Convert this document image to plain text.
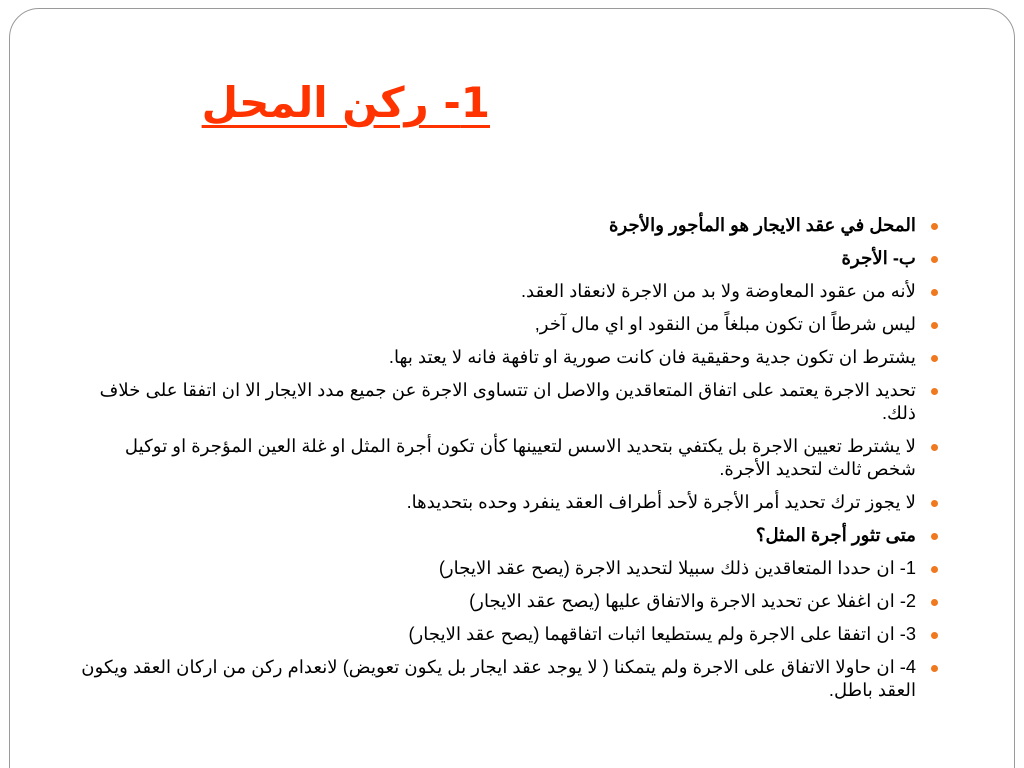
1- ركن المحل
المحل في عقد الايجار هو المأجور والأجرة
ب- الأجرة
لأنه من عقود المعاوضة ولا بد من الاجرة لانعقاد العقد.
ليس شرطاً ان تكون مبلغاً من النقود او اي مال آخر,
يشترط ان تكون جدية وحقيقية فان كانت صورية او تافهة فانه لا يعتد بها.
تحديد الاجرة يعتمد على اتفاق المتعاقدين والاصل ان تتساوى الاجرة عن جميع مدد الايجار الا ان اتفقا على خلاف ذلك.
لا يشترط تعيين الاجرة بل يكتفي بتحديد الاسس لتعيينها كأن تكون أجرة المثل او غلة العين المؤجرة او توكيل شخص ثالث لتحديد الأجرة.
لا يجوز ترك تحديد أمر الأجرة لأحد أطراف العقد ينفرد وحده بتحديدها.
متى تثور أجرة المثل؟
1- ان حددا المتعاقدين ذلك سبيلا لتحديد الاجرة (يصح عقد الايجار)
2- ان اغفلا عن تحديد الاجرة والاتفاق عليها (يصح عقد الايجار)
3- ان اتفقا على الاجرة ولم يستطيعا اثبات اتفاقهما (يصح عقد الايجار)
4- ان حاولا الاتفاق على الاجرة ولم يتمكنا ( لا يوجد عقد ايجار بل يكون تعويض) لانعدام ركن من اركان العقد ويكون العقد باطل.
